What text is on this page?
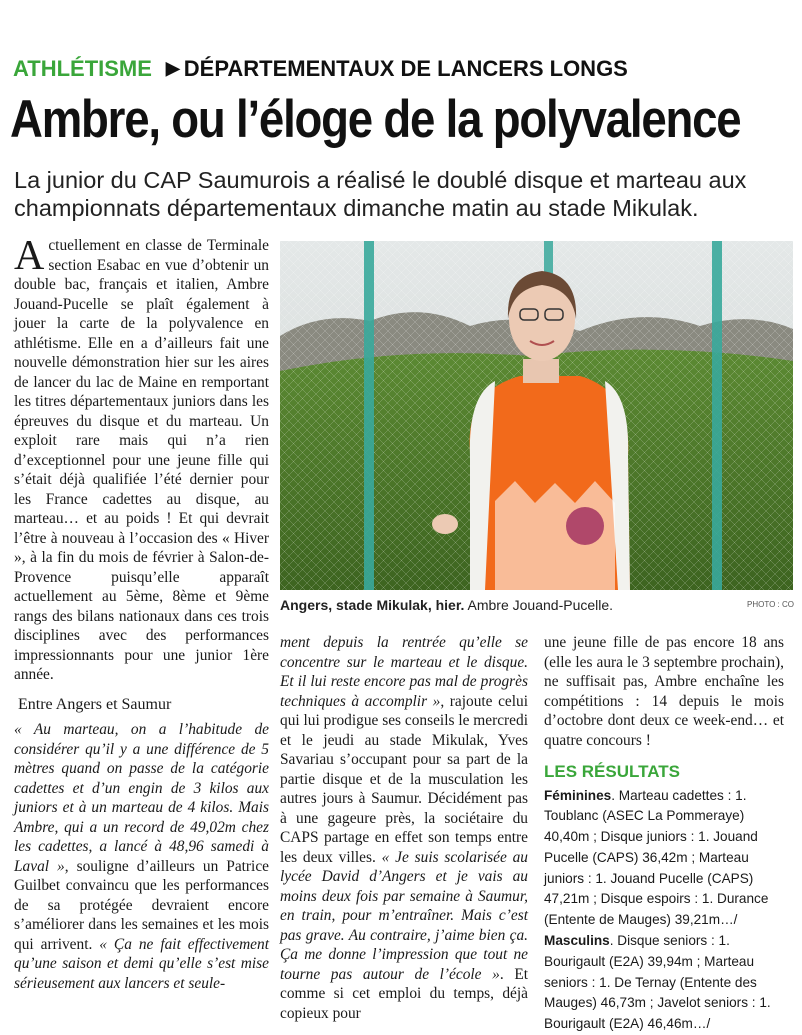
ATHLÉTISME ▶ DÉPARTEMENTAUX DE LANCERS LONGS
Ambre, ou l’éloge de la polyvalence
La junior du CAP Saumurois a réalisé le doublé disque et marteau aux championnats départementaux dimanche matin au stade Mikulak.

Actuellement en classe de Terminale section Esabac en vue d’obtenir un double bac, français et italien, Ambre Jouand-Pucelle se plaît également à jouer la carte de la polyvalence en athlétisme. Elle en a d’ailleurs fait une nouvelle démonstration hier sur les aires de lancer du lac de Maine en remportant les titres départementaux juniors dans les épreuves du disque et du marteau. Un exploit rare mais qui n’a rien d’exceptionnel pour une jeune fille qui s’était déjà qualifiée l’été dernier pour les France cadettes au disque, au marteau… et au poids ! Et qui devrait l’être à nouveau à l’occasion des « Hiver », à la fin du mois de février à Salon-de-Provence puisqu’elle apparaît actuellement au 5ème, 8ème et 9ème rangs des bilans nationaux dans ces trois disciplines avec des performances impressionnants pour une junior 1ère année.

Entre Angers et Saumur

« Au marteau, on a l’habitude de considérer qu’il y a une différence de 5 mètres quand on passe de la catégorie cadettes et d’un engin de 3 kilos aux juniors et à un marteau de 4 kilos. Mais Ambre, qui a un record de 49,02m chez les cadettes, a lancé à 48,96 samedi à Laval », souligne d’ailleurs un Patrice Guilbet convaincu que les performances de sa protégée devraient encore s’améliorer dans les semaines et les mois qui arrivent. « Ça ne fait effectivement qu’une saison et demi qu’elle s’est mise sérieusement aux lancers et seule-

Angers, stade Mikulak, hier. Ambre Jouand-Pucelle.	PHOTO : CO

ment depuis la rentrée qu’elle se concentre sur le marteau et le disque. Et il lui reste encore pas mal de progrès techniques à accomplir », rajoute celui qui lui prodigue ses conseils le mercredi et le jeudi au stade Mikulak, Yves Savariau s’occupant pour sa part de la partie disque et de la musculation les autres jours à Saumur. Décidément pas à une gageure près, la sociétaire du CAPS partage en effet son temps entre les deux villes. « Je suis scolarisée au lycée David d’Angers et je vais au moins deux fois par semaine à Saumur, en train, pour m’entraîner. Mais c’est pas grave. Au contraire, j’aime bien ça. Ça me donne l’impression que tout ne tourne pas autour de l’école ». Et comme si cet emploi du temps, déjà copieux pour

une jeune fille de pas encore 18 ans (elle les aura le 3 septembre prochain), ne suffisait pas, Ambre enchaîne les compétitions : 14 depuis le mois d’octobre dont deux ce week-end… et quatre concours !

LES RÉSULTATS

Féminines. Marteau cadettes : 1. Toublanc (ASEC La Pommeraye) 40,40m ; Disque juniors : 1. Jouand Pucelle (CAPS) 36,42m ; Marteau juniors : 1. Jouand Pucelle (CAPS) 47,21m ; Disque espoirs : 1. Durance (Entente de Mauges) 39,21m…/

Masculins. Disque seniors : 1. Bourigault (E2A) 39,94m ; Marteau seniors : 1. De Ternay (Entente des Mauges) 46,73m ; Javelot seniors : 1. Bourigault (E2A) 46,46m…/
